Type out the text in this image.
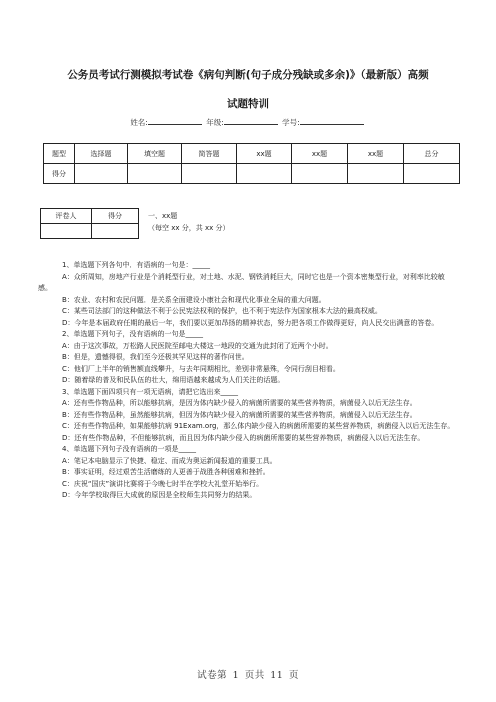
公务员考试行测模拟考试卷《病句判断(句子成分残缺或多余)》（最新版）高频
试题特训
姓名:	年级:	学号:
题型	选择题	填空题	简答题	xx题	xx题	xx题	总分
得分							
评卷人	得分
		一、xx题
（每空 xx 分，共 xx 分）

1、单选题下列各句中．有语病的一句是：_____

A：众所周知，房地产行业是个消耗型行业，对土地、水泥、钢铁消耗巨大，同时它也是一个资本密集型行业，对利率比较敏感。

B：农业、农村和农民问题．是关系全面建设小康社会和现代化事业全局的重大问题。

C：某些司法部门的这种做法不利于公民宪法权利的保护，也不利于宪法作为国家根本大法的最高权威。

D：今年是本届政府任期的最后一年，我们要以更加昂扬的精神状态，努力把各项工作做得更好，向人民交出满意的答卷。

2、单选题下列句子，没有语病的一句是_____

A：由于这次事故，万松路人民医院至邮电大楼这一地段的交通为此封闭了近两个小时。

B：但是，遗憾得很，我们至今还极其罕见这样的著作问世。

C：他们厂上半年的销售额直线攀升，与去年同期相比，差别非常悬殊，令同行刮目相看。

D：随着绿的普及和民队伍的壮大，绵用语越来越成为人们关注的话题。

3、单选题下面四项只有一项无语病，请把它选出来_____

A：还有些作物品种，所以能够抗病，是因为体内缺少侵入的病菌所需要的某些营养物质，病菌侵入以后无法生存。

B：还有些作物品种，虽然能够抗病，但因为体内缺少侵入的病菌所需要的某些营养物质，病菌侵入以后无法生存。

C：还有些作物品种，如果能够抗病 91Exam.org，那么体内缺少侵入的病菌所需要的某些营养物质，病菌侵入以后无法生存。

D：还有些作物品种，不但能够抗病，而且因为体内缺少侵入的病菌所需要的某些营养物质，病菌侵入以后无法生存。

4、单选题下列句子没有语病的一项是_____

A：笔记本电脑显示了快捷、稳定、而成为奥运新闻报道的重要工具。

B：事实证明，经过艰苦生活磨练的人更善于战胜各种困难和挫折。

C：庆祝“国庆”演讲比赛将于今晚七时半在学校大礼堂开始举行。

D：今年学校取得巨大成就的原因是全校师生共同努力的结果。

试卷第 1 页共 11 页
